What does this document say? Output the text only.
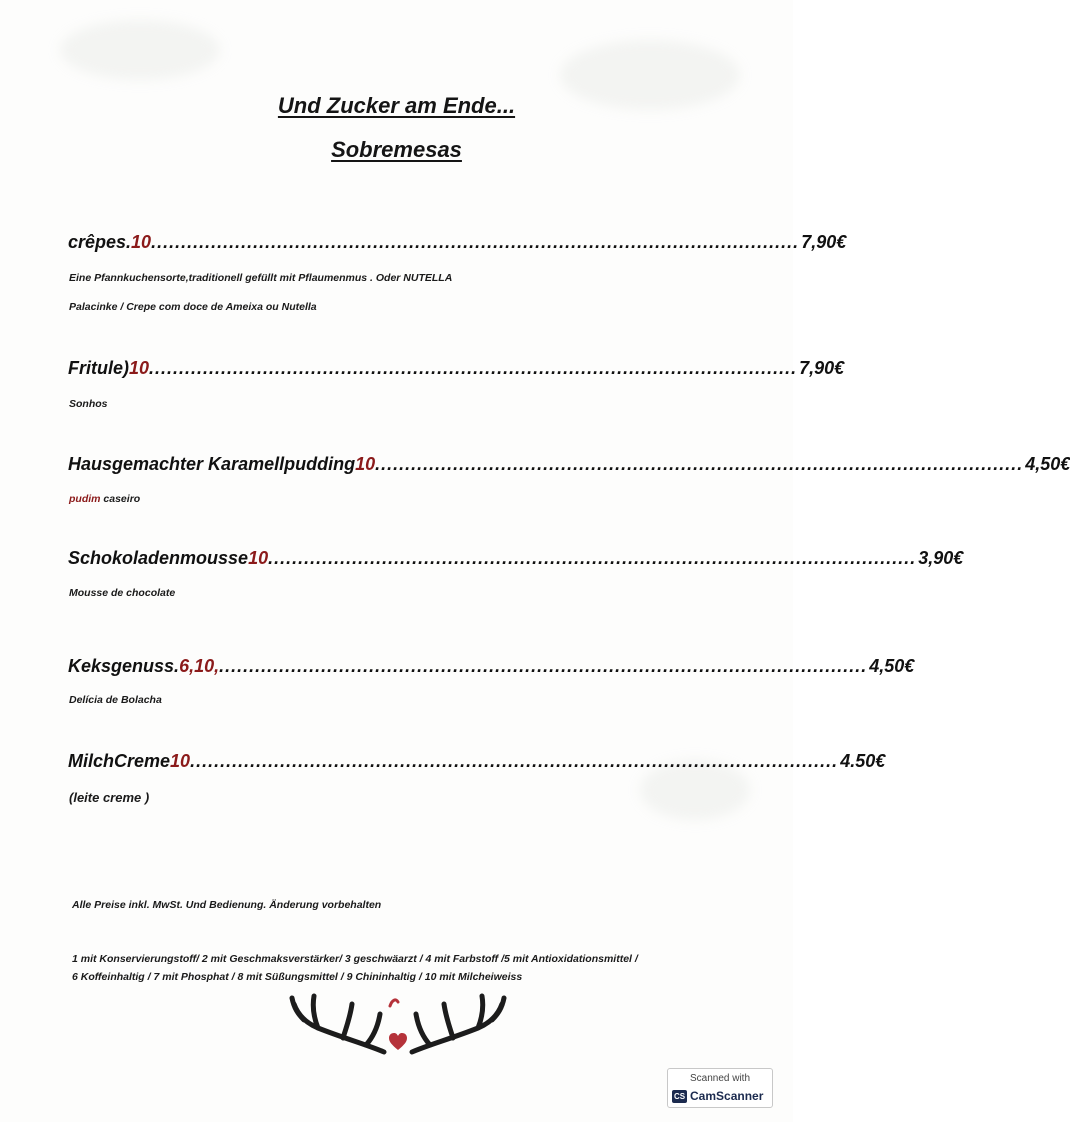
Und Zucker am Ende...
Sobremesas
crêpes. 10 ............................................................................................................ 7,90€
Eine Pfannkuchensorte,traditionell gefüllt mit Pflaumenmus . Oder NUTELLA
Palacinke / Crepe com doce de Ameixa ou Nutella
Fritule) 10 ............................................................................................................ 7,90€
Sonhos
Hausgemachter Karamellpudding 10 ............................................................................................................ 4,50€
pudim caseiro
Schokoladenmousse 10 ............................................................................................................ 3,90€
Mousse de chocolate
Keksgenuss. 6,10, ............................................................................................................ 4,50€
Delícia de Bolacha
MilchCreme 10 ............................................................................................................ 4.50€
(leite creme )
Alle Preise inkl. MwSt. Und Bedienung. Änderung vorbehalten
1 mit Konservierungstoff/ 2 mit Geschmaksverstärker/ 3 geschwäarzt / 4 mit Farbstoff /5 mit Antioxidationsmittel /
6 Koffeinhaltig / 7 mit Phosphat / 8 mit Süßungsmittel / 9 Chininhaltig / 10 mit Milcheiweiss
Scanned with
CS CamScanner
